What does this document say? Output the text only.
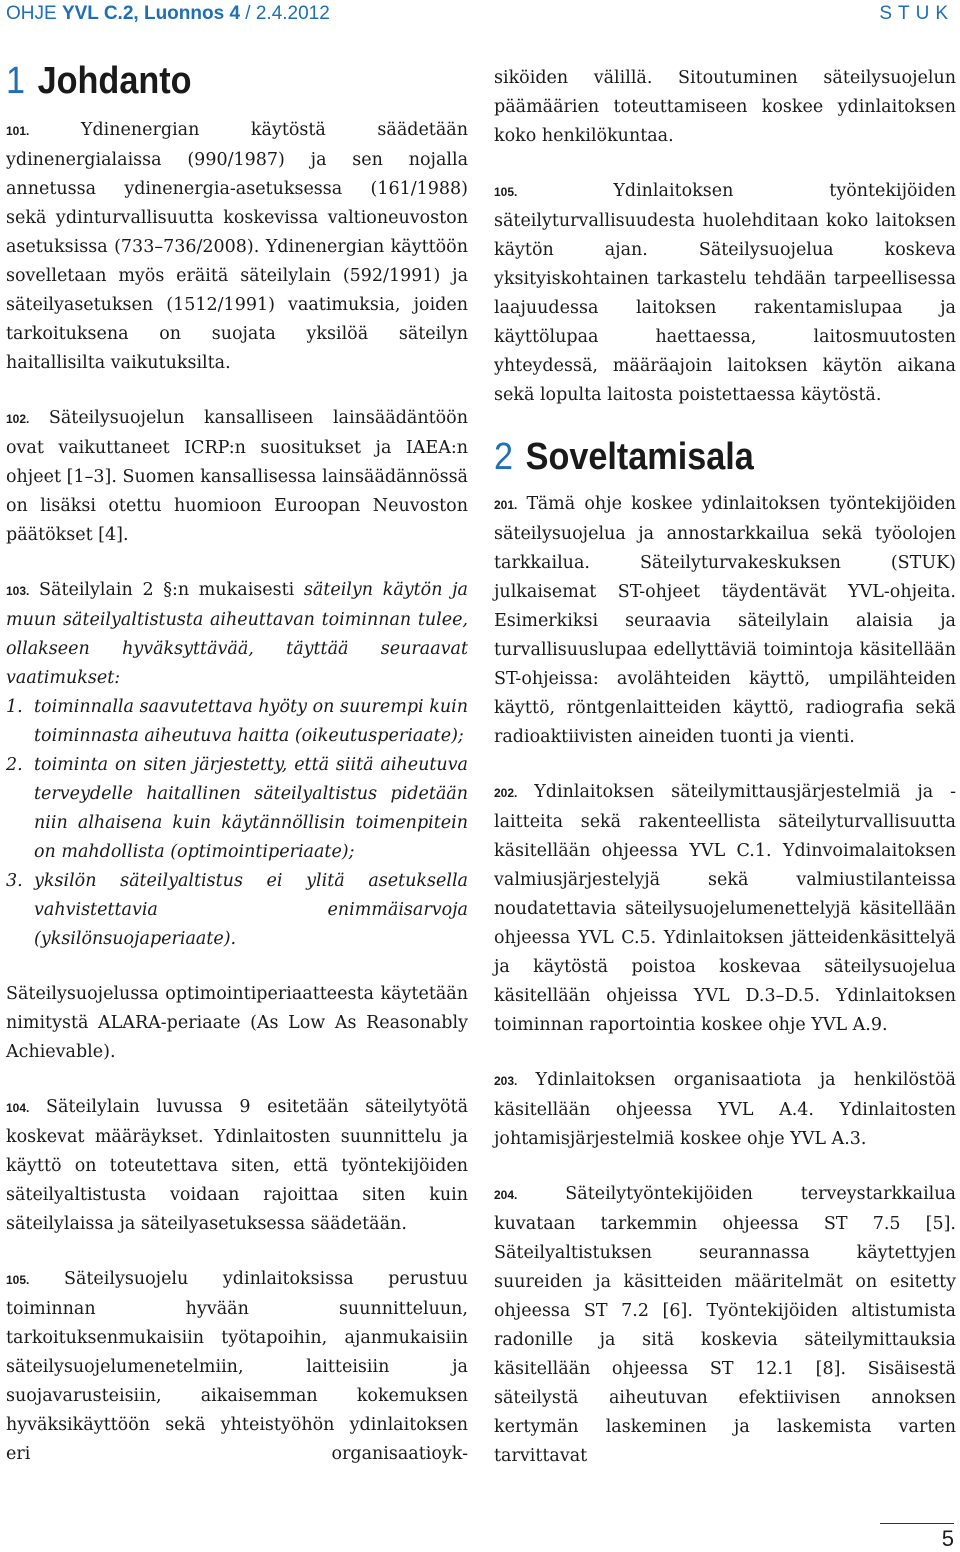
OHJE YVL C.2, Luonnos 4 / 2.4.2012	STUK
1 Johdanto

101.	Ydinenergian käytöstä säädetään ydinenergialaissa (990/1987) ja sen nojalla annetussa ydinenergia-asetuksessa (161/1988) sekä ydinturvallisuutta koskevissa valtioneuvoston asetuksissa (733–736/2008). Ydinenergian käyttöön sovelletaan myös eräitä säteilylain (592/1991) ja säteilyasetuksen (1512/1991) vaatimuksia, joiden tarkoituksena on suojata yksilöä säteilyn haitallisilta vaikutuksilta.

102. Säteilysuojelun kansalliseen lainsäädäntöön ovat vaikuttaneet ICRP:n suositukset ja IAEA:n ohjeet [1–3]. Suomen kansallisessa lainsäädännössä on lisäksi otettu huomioon Euroopan Neuvoston päätökset [4].

103. Säteilylain 2 §:n mukaisesti säteilyn käytön ja muun säteilyaltistusta aiheuttavan toiminnan tulee, ollakseen hyväksyttävää, täyttää seuraavat vaatimukset:

1. toiminnalla saavutettava hyöty on suurempi kuin toiminnasta aiheutuva haitta (oikeutusperiaate);
2. toiminta on siten järjestetty, että siitä aiheutuva terveydelle haitallinen säteilyaltistus pidetään niin alhaisena kuin käytännöllisin toimenpitein on mahdollista (optimointiperiaate);
3. yksilön säteilyaltistus ei ylitä asetuksella vahvistettavia enimmäisarvoja (yksilönsuojaperiaate).

Säteilysuojelussa optimointiperiaatteesta käytetään nimitystä ALARA-periaate (As Low As Reasonably Achievable).

104. Säteilylain luvussa 9 esitetään säteilytyötä koskevat määräykset. Ydinlaitosten suunnittelu ja käyttö on toteutettava siten, että työntekijöiden säteilyaltistusta voidaan rajoittaa siten kuin säteilylaissa ja säteilyasetuksessa säädetään.

105. Säteilysuojelu ydinlaitoksissa perustuu toiminnan hyvään suunnitteluun, tarkoituksenmukaisiin työtapoihin, ajanmukaisiin säteilysuojelumenetelmiin, laitteisiin ja suojavarusteisiin, aikaisemman kokemuksen hyväksikäyttöön sekä yhteistyöhön ydinlaitoksen eri organisaatioyk-

siköiden välillä. Sitoutuminen säteilysuojelun päämäärien toteuttamiseen koskee ydinlaitoksen koko henkilökuntaa.

105.	Ydinlaitoksen työntekijöiden säteilyturvallisuudesta huolehditaan koko laitoksen käytön ajan. Säteilysuojelua koskeva yksityiskohtainen tarkastelu tehdään tarpeellisessa laajuudessa laitoksen rakentamislupaa ja käyttölupaa haettaessa, laitosmuutosten yhteydessä, määräajoin laitoksen käytön aikana sekä lopulta laitosta poistettaessa käytöstä.

2 Soveltamisala

201. Tämä ohje koskee ydinlaitoksen työntekijöiden säteilysuojelua ja annostarkkailua sekä työolojen tarkkailua. Säteilyturvakeskuksen (STUK) julkaisemat ST-ohjeet täydentävät YVL-ohjeita. Esimerkiksi seuraavia säteilylain alaisia ja turvallisuuslupaa edellyttäviä toimintoja käsitellään ST-ohjeissa: avolähteiden käyttö, umpilähteiden käyttö, röntgenlaitteiden käyttö, radiografia sekä radioaktiivisten aineiden tuonti ja vienti.

202. Ydinlaitoksen säteilymittausjärjestelmiä ja -laitteita sekä rakenteellista säteilyturvallisuutta käsitellään ohjeessa YVL C.1. Ydinvoimalaitoksen valmiusjärjestelyjä sekä valmiustilanteissa noudatettavia säteilysuojelumenettelyjä käsitellään ohjeessa YVL C.5. Ydinlaitoksen jätteidenkäsittelyä ja käytöstä poistoa koskevaa säteilysuojelua käsitellään ohjeissa YVL D.3–D.5. Ydinlaitoksen toiminnan raportointia koskee ohje YVL A.9.

203. Ydinlaitoksen organisaatiota ja henkilöstöä käsitellään ohjeessa YVL A.4. Ydinlaitosten johtamisjärjestelmiä koskee ohje YVL A.3.

204.	Säteilytyöntekijöiden terveystarkkailua kuvataan tarkemmin ohjeessa ST 7.5 [5]. Säteilyaltistuksen seurannassa käytettyjen suureiden ja käsitteiden määritelmät on esitetty ohjeessa ST 7.2 [6]. Työntekijöiden altistumista radonille ja sitä koskevia säteilymittauksia käsitellään ohjeessa ST 12.1 [8]. Sisäisestä säteilystä aiheutuvan efektiivisen annoksen kertymän laskeminen ja laskemista varten tarvittavat

5
